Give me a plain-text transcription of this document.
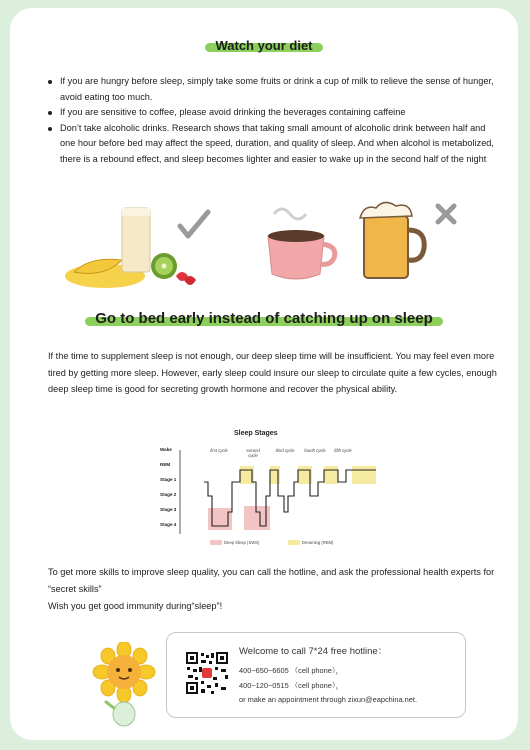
Watch your diet
If you are hungry before sleep, simply take some fruits or drink a cup of milk to relieve the sense of hunger, avoid eating too much.
If you are sensitive to coffee, please avoid drinking the beverages containing caffeine
Don’t take alcoholic drinks. Research shows that taking small amount of alcoholic drink between half and one hour before bed may affect the speed, duration, and quality of sleep. And when alcohol is metabolized, there is a rebound effect, and sleep becomes lighter and easier to wake up in the second half of the night
Go to bed early instead of catching up on sleep

If the time to supplement sleep is not enough, our deep sleep time will be insufficient. You may feel even more tired by getting more sleep. However, early sleep could insure our sleep to circulate quite a few cycles, enough deep sleep time is good for secreting growth hormone and recover the physical ability.

Sleep Stages
Wake
REM
Stage 1
Stage 2
Stage 3
Stage 4
first cycle	second cycle
third cycle	fourth cycle	fifth cycle
Deep Sleep (SWS)	Dreaming (REM)

To get more skills to improve sleep quality, you can call the hotline, and ask the professional health experts for “secret skills”

Wish you get good immunity during“sleep”!

Welcome to call 7*24 free hotline：
400−650−6605 （cell phone），
400−120−0515 （cell phone），
or make an appointment through zixun@eapchina.net.
